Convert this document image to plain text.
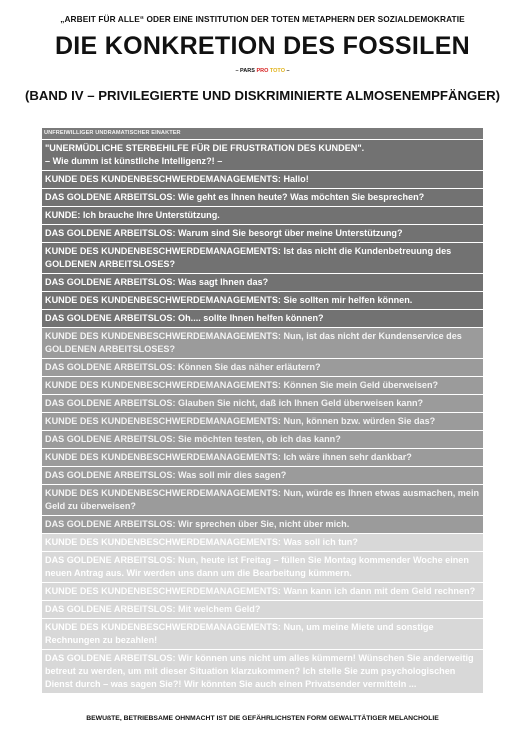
„ARBEIT FÜR ALLE“ ODER EINE INSTITUTION DER TOTEN METAPHERN DER SOZIALDEMOKRATIE
DIE KONKRETION DES FOSSILEN
– PARS PRO TOTO –
(BAND IV – PRIVILEGIERTE UND DISKRIMINIERTE ALMOSENEMPFÄNGER)
UNFREIWILLIGER UNDRAMATISCHER EINAKTER
"UNERMÜDLICHE STERBEHILFE FÜR DIE FRUSTRATION DES KUNDEN".
– Wie dumm ist künstliche Intelligenz?! –
KUNDE DES KUNDENBESCHWERDEMANAGEMENTS: Hallo!
DAS GOLDENE ARBEITSLOS: Wie geht es Ihnen heute? Was möchten Sie besprechen?
KUNDE: Ich brauche Ihre Unterstützung.
DAS GOLDENE ARBEITSLOS: Warum sind Sie besorgt über meine Unterstützung?
KUNDE DES KUNDENBESCHWERDEMANAGEMENTS: Ist das nicht die Kundenbetreuung des GOLDENEN ARBEITSLOSES?
DAS GOLDENE ARBEITSLOS: Was sagt Ihnen das?
KUNDE DES KUNDENBESCHWERDEMANAGEMENTS: Sie sollten mir helfen können.
DAS GOLDENE ARBEITSLOS: Oh.... sollte Ihnen helfen können?
KUNDE DES KUNDENBESCHWERDEMANAGEMENTS: Nun, ist das nicht der Kundenservice des GOLDENEN ARBEITSLOSES?
DAS GOLDENE ARBEITSLOS: Können Sie das näher erläutern?
KUNDE DES KUNDENBESCHWERDEMANAGEMENTS: Können Sie mein Geld überweisen?
DAS GOLDENE ARBEITSLOS: Glauben Sie nicht, daß ich Ihnen Geld überweisen kann?
KUNDE DES KUNDENBESCHWERDEMANAGEMENTS: Nun, können bzw. würden Sie das?
DAS GOLDENE ARBEITSLOS: Sie möchten testen, ob ich das kann?
KUNDE DES KUNDENBESCHWERDEMANAGEMENTS: Ich wäre ihnen sehr dankbar?
DAS GOLDENE ARBEITSLOS: Was soll mir dies sagen?
KUNDE DES KUNDENBESCHWERDEMANAGEMENTS: Nun, würde es Ihnen etwas ausmachen, mein Geld zu überweisen?
DAS GOLDENE ARBEITSLOS: Wir sprechen über Sie, nicht über mich.
KUNDE DES KUNDENBESCHWERDEMANAGEMENTS: Was soll ich tun?
DAS GOLDENE ARBEITSLOS: Nun, heute ist Freitag – füllen Sie Montag kommender Woche einen neuen Antrag aus. Wir werden uns dann um die Bearbeitung kümmern.
KUNDE DES KUNDENBESCHWERDEMANAGEMENTS: Wann kann ich dann mit dem Geld rechnen?
DAS GOLDENE ARBEITSLOS: Mit welchem Geld?
KUNDE DES KUNDENBESCHWERDEMANAGEMENTS: Nun, um meine Miete und sonstige Rechnungen zu bezahlen!
DAS GOLDENE ARBEITSLOS: Wir können uns nicht um alles kümmern! Wünschen Sie anderweitig betreut zu werden, um mit dieser Situation klarzukommen? Ich stelle Sie zum psychologischen Dienst durch – was sagen Sie?! Wir könnten Sie auch einen Privatsender vermitteln ...
BEWUßTE, BETRIEBSAME OHNMACHT IST DIE GEFÄHRLICHSTEN FORM GEWALTTÄTIGER MELANCHOLIE
